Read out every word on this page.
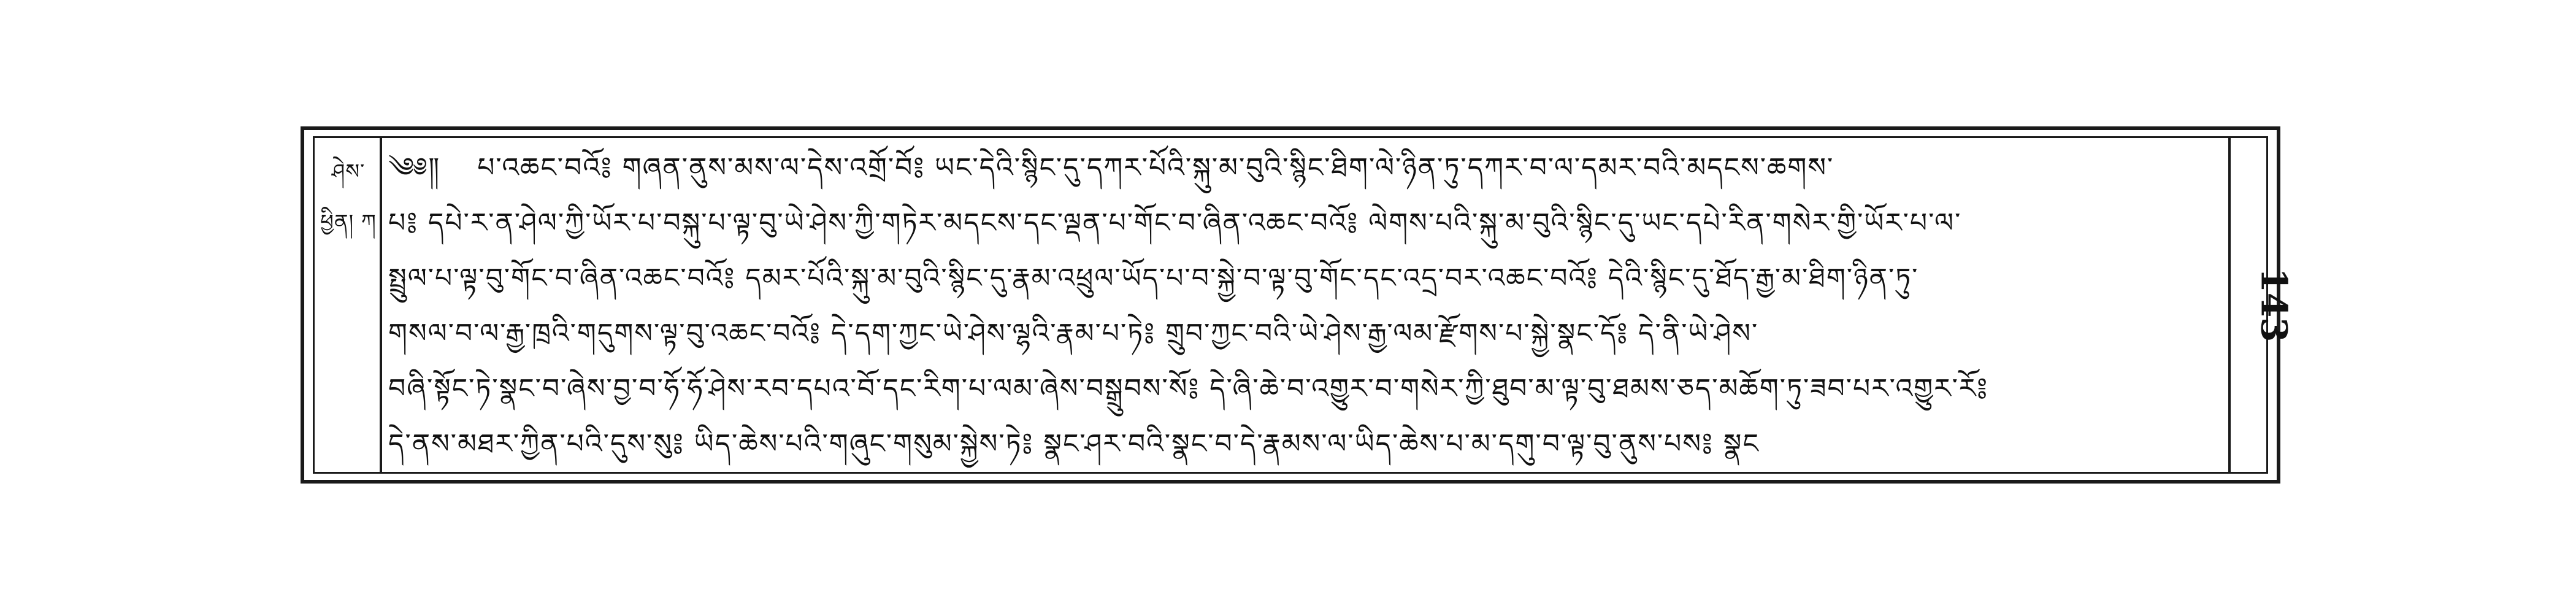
ཤེས་ཕྱིན། ཀ
༄༅༎ པ་འཆང་བའོ༔ གཞན་ནུས་མས་ལ་དེས་འགྲོ་བོ༔ ཡང་དེའི་སྙིང་དུ་དཀར་པོའི་སྐུ་མ་བུའི་སྙིང་ཐིག་ལེ་ཉིན་ཏུ་དཀར་བ་ལ་དམར་བའི་མདངས་ཆགས་
པ༔ དཔེ་ར་ན་ཤེལ་ཀྱི་ཡོར་པ་བསྐུ་པ་ལྟ་བུ་ཡེ་ཤེས་ཀྱི་གཏེར་མདངས་དང་ལྡན་པ་གོང་བ་ཞིན་འཆང་བའོ༔ ལེགས་པའི་སྐུ་མ་བུའི་སྙིང་དུ་ཡང་དཔེ་རིན་གསེར་གྱི་ཡོར་པ་ལ་
སྤྲུལ་པ་ལྟ་བུ་གོང་བ་ཞིན་འཆང་བའོ༔ དམར་པོའི་སྐུ་མ་བུའི་སྙིང་དུ་རྣམ་འཕྲུལ་ཡོད་པ་བ་སྐྱེ་བ་ལྟ་བུ་གོང་དང་འདྲ་བར་འཆང་བའོ༔ དེའི་སྙིང་དུ་ཐོད་རྒྱ་མ་ཐིག་ཉིན་ཏུ་
གསལ་བ་ལ་རྒྱ་ཁྲའི་གདུགས་ལྟ་བུ་འཆང་བའོ༔ དེ་དག་ཀྱང་ཡེ་ཤེས་ལྷའི་རྣམ་པ་ཏེ༔ གྲུབ་ཀྱང་བའི་ཡེ་ཤེས་རྒྱ་ལམ་རྫོགས་པ་སྐྱེ་སྣང་དོ༔ དེ་ནི་ཡེ་ཤེས་
བཞི་སྟོང་ཏེ་སྣང་བ་ཞེས་བྱ་བ་ཧོ་ཧོ་ཤེས་རབ་དཔའ་བོ་དང་རིག་པ་ལམ་ཞེས་བསྒྲུབས་སོ༔ དེ་ཞི་ཆེ་བ་འགྱུར་བ་གསེར་ཀྱི་ཐུབ་མ་ལྟ་བུ་ཐམས་ཅད་མཆོག་ཏུ་ཟབ་པར་འགྱུར་རོ༔
དེ་ནས་མཐར་ཀྱིན་པའི་དུས་སུ༔ ཡིད་ཆེས་པའི་གཞུང་གསུམ་སྐྱེས་ཏེ༔ སྣང་ཤར་བའི་སྣང་བ་དེ་རྣམས་ལ་ཡིད་ཆེས་པ་མ་དགུ་བ་ལྟ་བུ་ནུས་པས༔ སྣང
143
